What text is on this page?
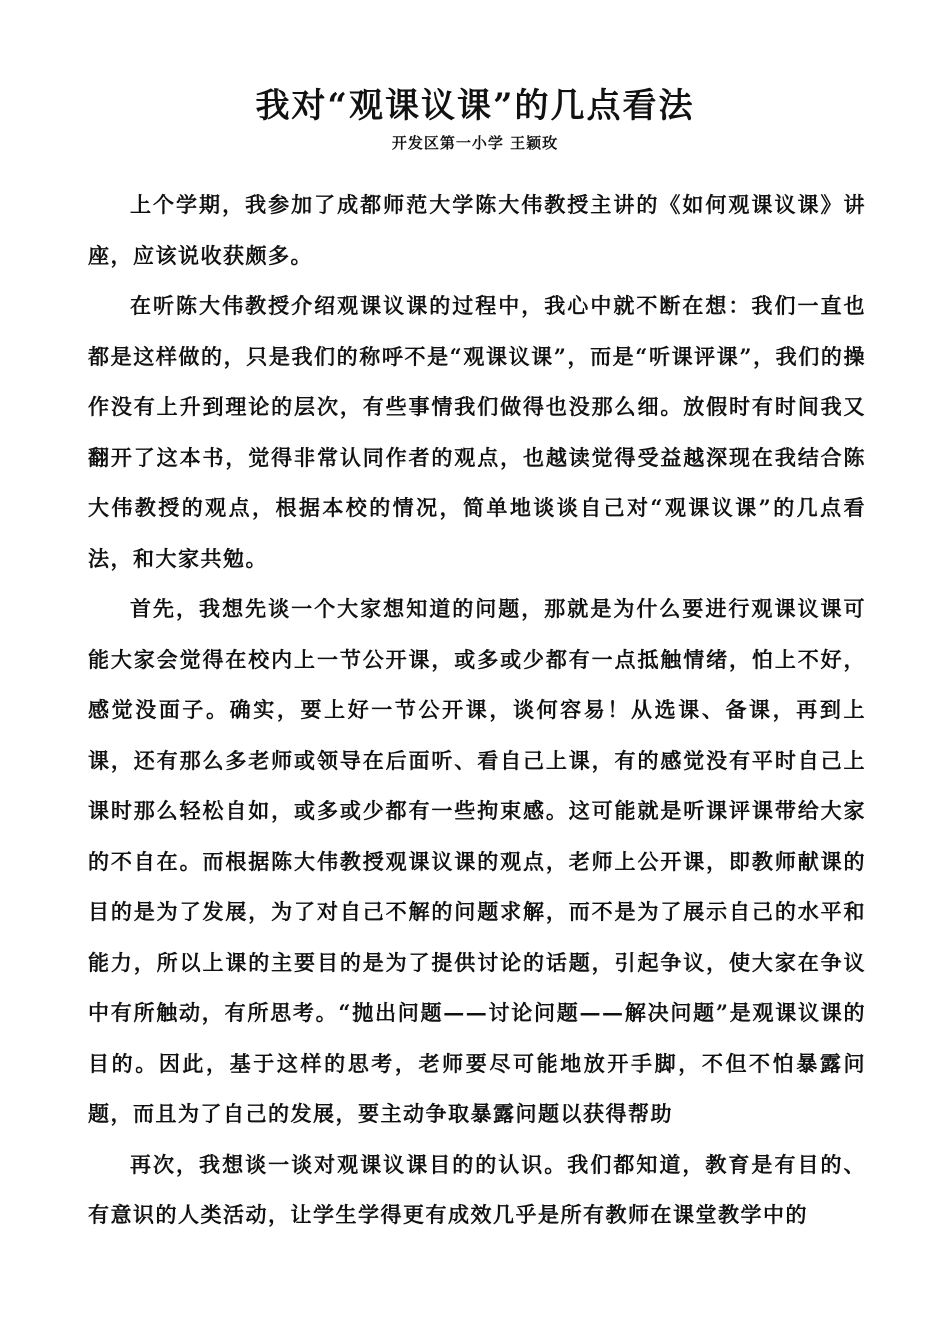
我对“观课议课”的几点看法
开发区第一小学 王颖玫

上个学期，我参加了成都师范大学陈大伟教授主讲的《如何观课议课》讲座，应该说收获颇多。

在听陈大伟教授介绍观课议课的过程中，我心中就不断在想：我们一直也都是这样做的，只是我们的称呼不是“观课议课”，而是“听课评课”，我们的操作没有上升到理论的层次，有些事情我们做得也没那么细。放假时有时间我又翻开了这本书，觉得非常认同作者的观点，也越读觉得受益越深现在我结合陈大伟教授的观点，根据本校的情况，简单地谈谈自己对“观课议课”的几点看法，和大家共勉。

首先，我想先谈一个大家想知道的问题，那就是为什么要进行观课议课可能大家会觉得在校内上一节公开课，或多或少都有一点抵触情绪，怕上不好，感觉没面子。确实，要上好一节公开课，谈何容易！从选课、备课，再到上课，还有那么多老师或领导在后面听、看自己上课，有的感觉没有平时自己上课时那么轻松自如，或多或少都有一些拘束感。这可能就是听课评课带给大家的不自在。而根据陈大伟教授观课议课的观点，老师上公开课，即教师献课的目的是为了发展，为了对自己不解的问题求解，而不是为了展示自己的水平和能力，所以上课的主要目的是为了提供讨论的话题，引起争议，使大家在争议中有所触动，有所思考。“抛出问题——讨论问题——解决问题”是观课议课的目的。因此，基于这样的思考，老师要尽可能地放开手脚，不但不怕暴露问题，而且为了自己的发展，要主动争取暴露问题以获得帮助

再次，我想谈一谈对观课议课目的的认识。我们都知道，教育是有目的、有意识的人类活动，让学生学得更有成效几乎是所有教师在课堂教学中的
